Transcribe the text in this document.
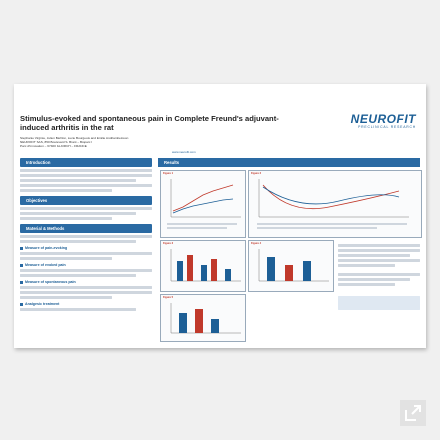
Stimulus-evoked and spontaneous pain in Complete Freund's adjuvant-induced arthritis in the rat
Stephanie Virginie, Julien Bérillon, Lucie Bourgeois and Emilie Andriambeloson
NEUROFIT SAS, 850 Boulevard S. Brant – Bioparc I
Parc d'Innovation – 67400 ILLKIRCH – FRANCE
www.neurofit.com
NEUROFIT
PRECLINICAL RESEARCH
Introduction
Objectives
Material & Methods
Measure of pain-evoking
Measure of evoked pain
Measure of spontaneous pain
Analgesic treatment
Results
Figure 1	Figure 2
Figure 3	Figure 4
Figure 5
